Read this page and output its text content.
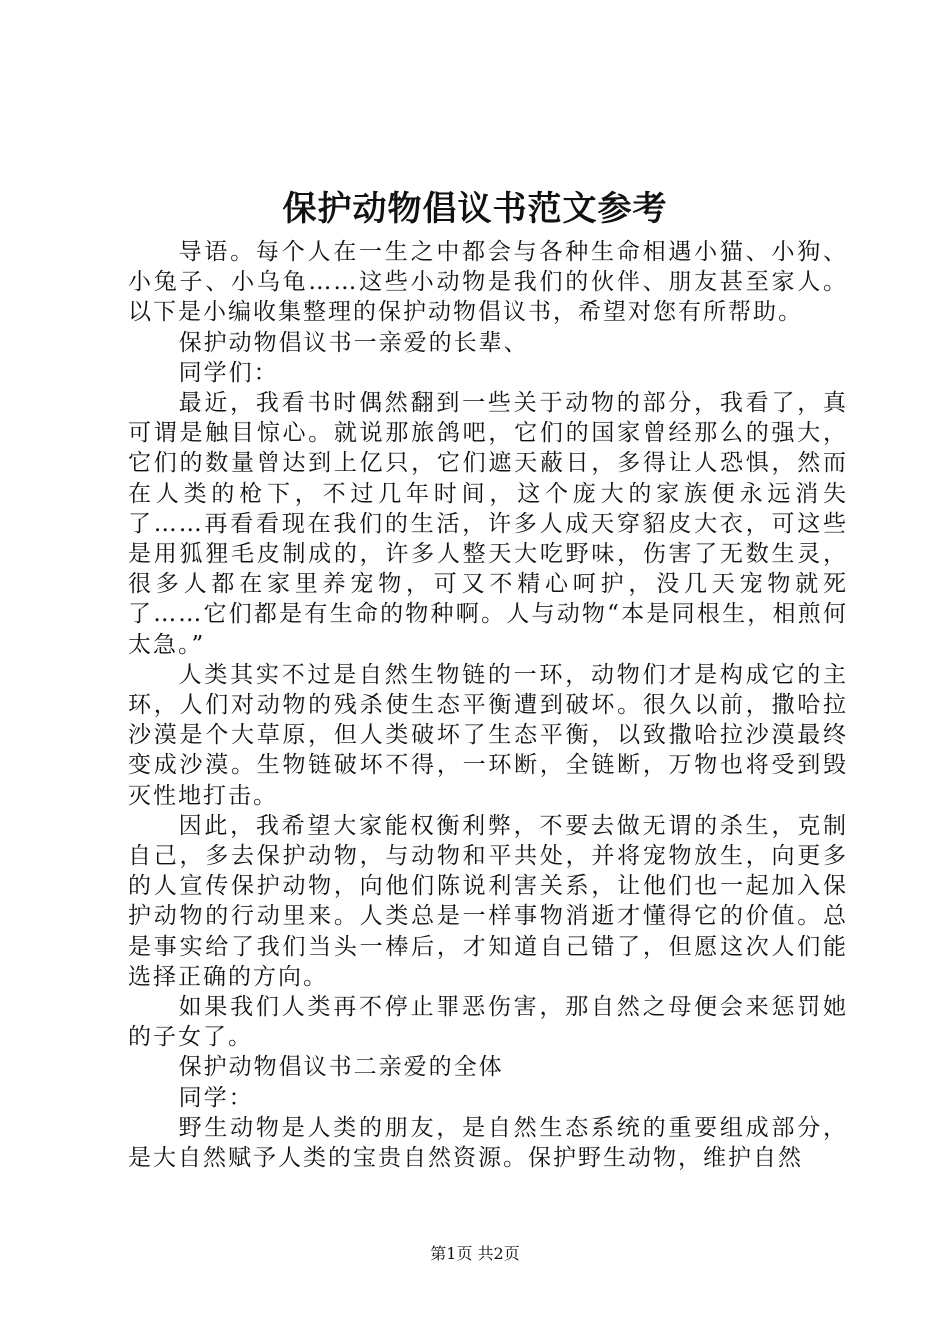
保护动物倡议书范文参考

导语。每个人在一生之中都会与各种生命相遇小猫、小狗、小兔子、小乌龟……这些小动物是我们的伙伴、朋友甚至家人。以下是小编收集整理的保护动物倡议书，希望对您有所帮助。

保护动物倡议书一亲爱的长辈、

同学们：

最近，我看书时偶然翻到一些关于动物的部分，我看了，真可谓是触目惊心。就说那旅鸽吧，它们的国家曾经那么的强大，它们的数量曾达到上亿只，它们遮天蔽日，多得让人恐惧，然而在人类的枪下，不过几年时间，这个庞大的家族便永远消失了……再看看现在我们的生活，许多人成天穿貂皮大衣，可这些是用狐狸毛皮制成的，许多人整天大吃野味，伤害了无数生灵，很多人都在家里养宠物，可又不精心呵护，没几天宠物就死了……它们都是有生命的物种啊。人与动物“本是同根生，相煎何太急。”

人类其实不过是自然生物链的一环，动物们才是构成它的主环，人们对动物的残杀使生态平衡遭到破坏。很久以前，撒哈拉沙漠是个大草原，但人类破坏了生态平衡，以致撒哈拉沙漠最终变成沙漠。生物链破坏不得，一环断，全链断，万物也将受到毁灭性地打击。

因此，我希望大家能权衡利弊，不要去做无谓的杀生，克制自己，多去保护动物，与动物和平共处，并将宠物放生，向更多的人宣传保护动物，向他们陈说利害关系，让他们也一起加入保护动物的行动里来。人类总是一样事物消逝才懂得它的价值。总是事实给了我们当头一棒后，才知道自己错了，但愿这次人们能选择正确的方向。

如果我们人类再不停止罪恶伤害，那自然之母便会来惩罚她的子女了。

保护动物倡议书二亲爱的全体

同学：

野生动物是人类的朋友，是自然生态系统的重要组成部分，是大自然赋予人类的宝贵自然资源。保护野生动物，维护自然

第1页 共2页
